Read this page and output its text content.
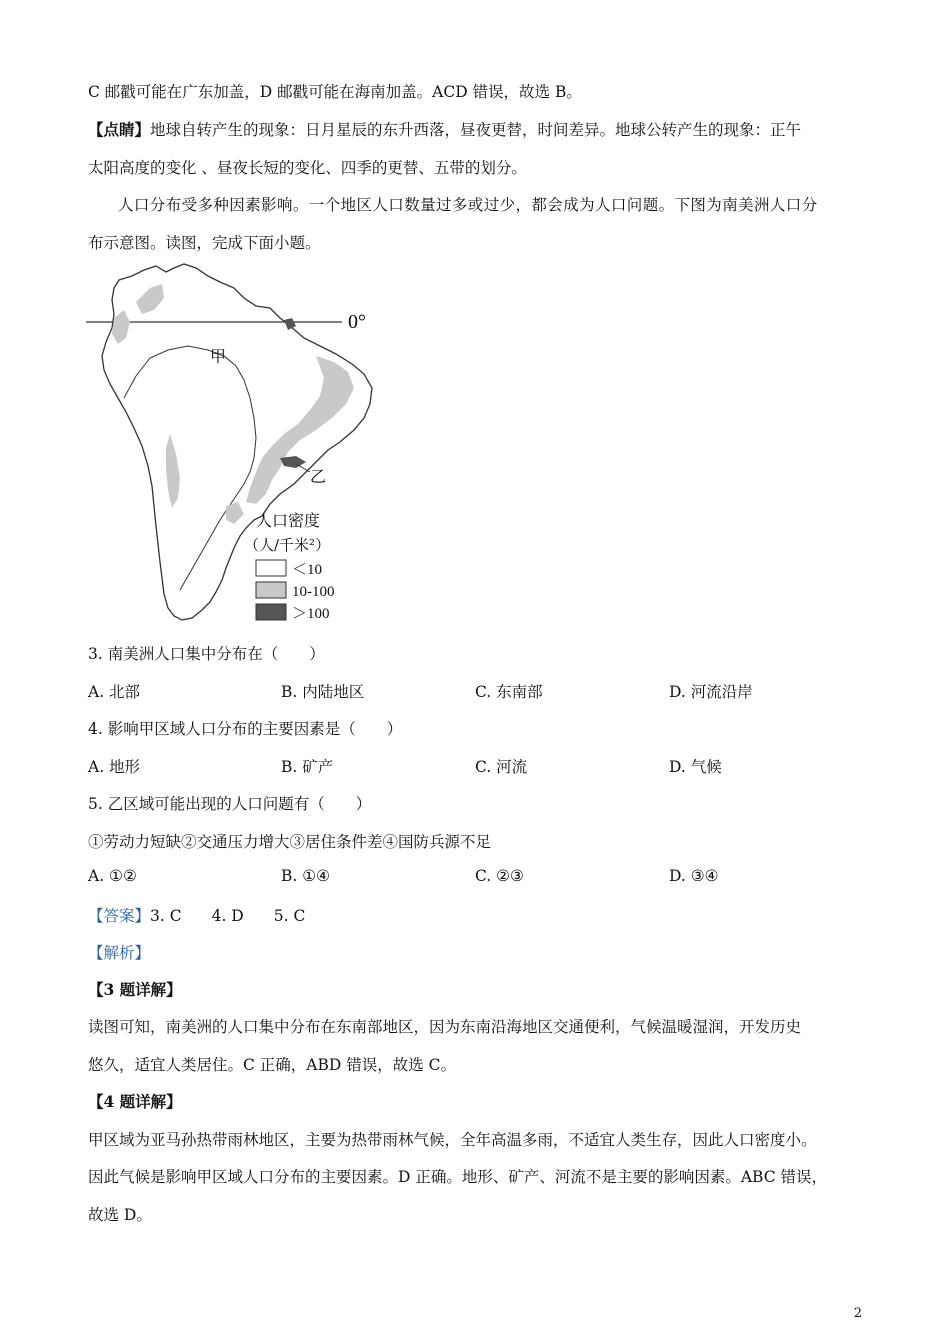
C 邮戳可能在广东加盖，D 邮戳可能在海南加盖。ACD 错误，故选 B。
【点睛】地球自转产生的现象：日月星辰的东升西落，昼夜更替，时间差异。地球公转产生的现象：正午
太阳高度的变化 、昼夜长短的变化、四季的更替、五带的划分。
人口分布受多种因素影响。一个地区人口数量过多或过少，都会成为人口问题。下图为南美洲人口分
布示意图。读图，完成下面小题。
0°
甲
乙
人口密度
（人/千米²）
＜10
10-100
＞100
3. 南美洲人口集中分布在（　　）
A. 北部	B. 内陆地区	C. 东南部	D. 河流沿岸
4. 影响甲区域人口分布的主要因素是（　　）
A. 地形	B. 矿产	C. 河流	D. 气候
5. 乙区域可能出现的人口问题有（　　）
①劳动力短缺②交通压力增大③居住条件差④国防兵源不足
A. ①②	B. ①④	C. ②③	D. ③④
【答案】3. C 4. D 5. C
【解析】
【3 题详解】
读图可知，南美洲的人口集中分布在东南部地区，因为东南沿海地区交通便利，气候温暖湿润，开发历史
悠久，适宜人类居住。C 正确，ABD 错误，故选 C。
【4 题详解】
甲区域为亚马孙热带雨林地区，主要为热带雨林气候，全年高温多雨，不适宜人类生存，因此人口密度小。
因此气候是影响甲区域人口分布的主要因素。D 正确。地形、矿产、河流不是主要的影响因素。ABC 错误，
故选 D。
2
